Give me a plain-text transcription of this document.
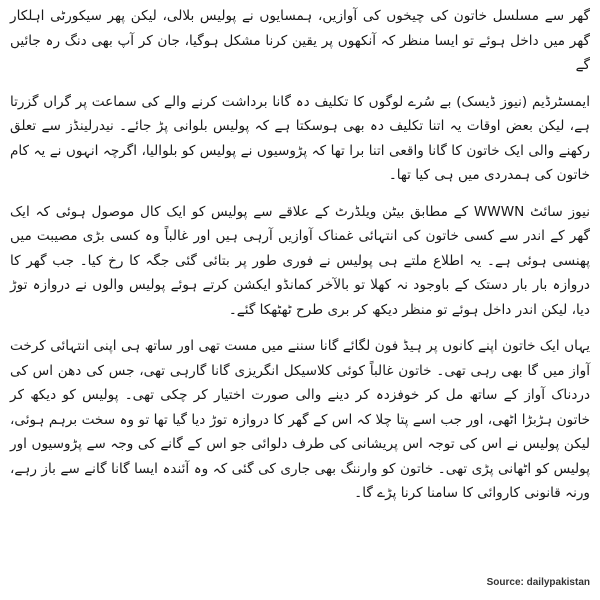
گھر سے مسلسل خاتون کی چیخوں کی آوازیں، ہمسایوں نے پولیس بلالی، لیکن پھر سیکورٹی اہلکار گھر میں داخل ہوئے تو ایسا منظر کہ آنکھوں پر یقین کرنا مشکل ہوگیا، جان کر آپ بھی دنگ رہ جائیں گے

ایمسٹرڈیم (نیوز ڈیسک) بے سُرے لوگوں کا تکلیف دہ گانا برداشت کرنے والے کی سماعت پر گراں گزرتا ہے، لیکن بعض اوقات یہ اتنا تکلیف دہ بھی ہوسکتا ہے کہ پولیس بلوانی پڑ جائے۔ نیدرلینڈز سے تعلق رکھنے والی ایک خاتون کا گانا واقعی اتنا برا تھا کہ پڑوسیوں نے پولیس کو بلوالیا، اگرچہ انہوں نے یہ کام خاتون کی ہمدردی میں ہی کیا تھا۔

نیوز سائٹ WWWN کے مطابق بیٹن ویلڈرٹ کے علاقے سے پولیس کو ایک کال موصول ہوئی کہ ایک گھر کے اندر سے کسی خاتون کی انتہائی غمناک آوازیں آرہی ہیں اور غالباً وہ کسی بڑی مصیبت میں پھنسی ہوئی ہے۔ یہ اطلاع ملتے ہی پولیس نے فوری طور پر بتائی گئی جگہ کا رخ کیا۔ جب گھر کا دروازہ بار بار دستک کے باوجود نہ کھلا تو بالآخر کمانڈو ایکشن کرتے ہوئے پولیس والوں نے دروازہ توڑ دیا، لیکن اندر داخل ہوئے تو منظر دیکھ کر بری طرح ٹھٹھکا گئے۔

یہاں ایک خاتون اپنے کانوں پر ہیڈ فون لگائے گانا سننے میں مست تھی اور ساتھ ہی اپنی انتہائی کرخت آواز میں گا بھی رہی تھی۔ خاتون غالباً کوئی کلاسیکل انگریزی گانا گارہی تھی، جس کی دھن اس کی دردناک آواز کے ساتھ مل کر خوفزدہ کر دینے والی صورت اختیار کر چکی تھی۔ پولیس کو دیکھ کر خاتون ہڑبڑا اٹھی، اور جب اسے پتا چلا کہ اس کے گھر کا دروازہ توڑ دیا گیا تھا تو وہ سخت برہم ہوئی، لیکن پولیس نے اس کی توجہ اس پریشانی کی طرف دلوائی جو اس کے گانے کی وجہ سے پڑوسیوں اور پولیس کو اٹھانی پڑی تھی۔ خاتون کو وارننگ بھی جاری کی گئی کہ وہ آئندہ ایسا گانا گانے سے باز رہے، ورنہ قانونی کاروائی کا سامنا کرنا پڑے گا۔

Source: dailypakistan
